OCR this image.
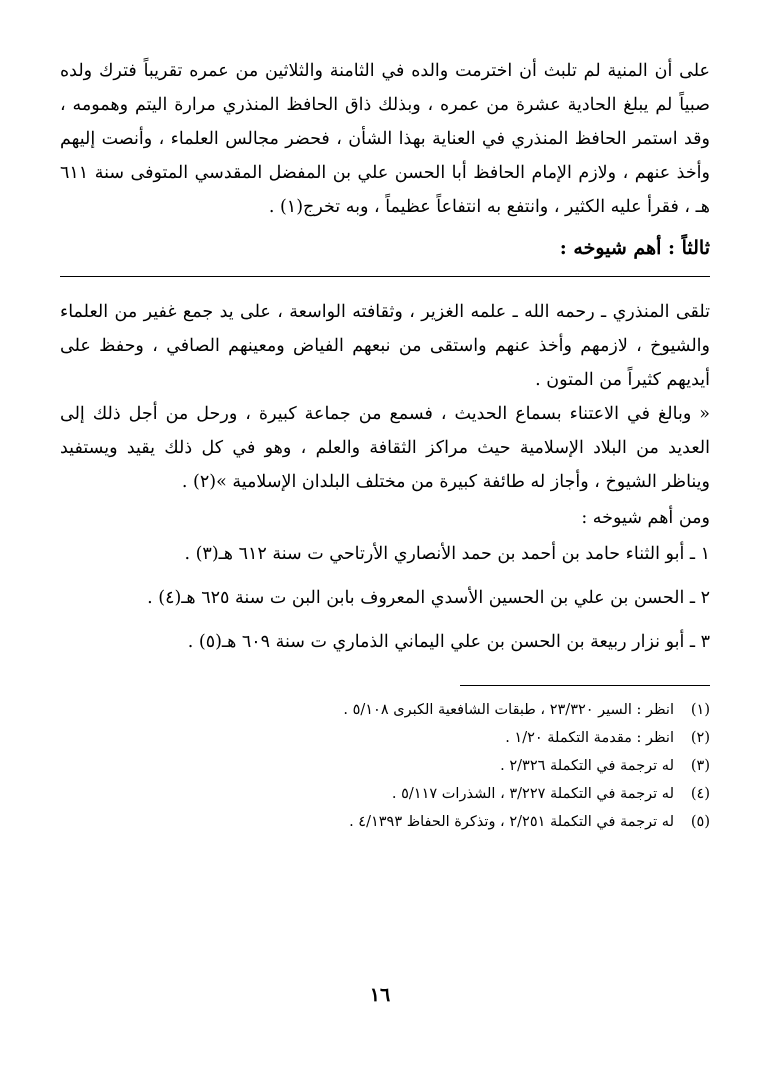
على أن المنية لم تلبث أن اخترمت والده في الثامنة والثلاثين من عمره تقريباً فترك ولده صبياً لم يبلغ الحادية عشرة من عمره ، وبذلك ذاق الحافظ المنذري مرارة اليتم وهمومه ، وقد استمر الحافظ المنذري في العناية بهذا الشأن ، فحضر مجالس العلماء ، وأنصت إليهم وأخذ عنهم ، ولازم الإمام الحافظ أبا الحسن علي بن المفضل المقدسي المتوفى سنة ٦١١ هـ ، فقرأ عليه الكثير ، وانتفع به انتفاعاً عظيماً ، وبه تخرج(١) .

ثالثاً : أهم شيوخه :

تلقى المنذري ـ رحمه الله ـ علمه الغزير ، وثقافته الواسعة ، على يد جمع غفير من العلماء والشيوخ ، لازمهم وأخذ عنهم واستقى من نبعهم الفياض ومعينهم الصافي ، وحفظ على أيديهم كثيراً من المتون .

« وبالغ في الاعتناء بسماع الحديث ، فسمع من جماعة كبيرة ، ورحل من أجل ذلك إلى العديد من البلاد الإسلامية حيث مراكز الثقافة والعلم ، وهو في كل ذلك يقيد ويستفيد ويناظر الشيوخ ، وأجاز له طائفة كبيرة من مختلف البلدان الإسلامية »(٢) .

ومن أهم شيوخه :

١ ـ أبو الثناء حامد بن أحمد بن حمد الأنصاري الأرتاحي ت سنة ٦١٢ هـ(٣) .

٢ ـ الحسن بن علي بن الحسين الأسدي المعروف بابن البن ت سنة ٦٢٥ هـ(٤) .

٣ ـ أبو نزار ربيعة بن الحسن بن علي اليماني الذماري ت سنة ٦٠٩ هـ(٥) .

(١)
انظر : السير ٢٣/٣٢٠ ، طبقات الشافعية الكبرى ٥/١٠٨ .
(٢)
انظر : مقدمة التكملة ١/٢٠ .
(٣)
له ترجمة في التكملة ٢/٣٢٦ .
(٤)
له ترجمة في التكملة ٣/٢٢٧ ، الشذرات ٥/١١٧ .
(٥)
له ترجمة في التكملة ٢/٢٥١ ، وتذكرة الحفاظ ٤/١٣٩٣ .
١٦
